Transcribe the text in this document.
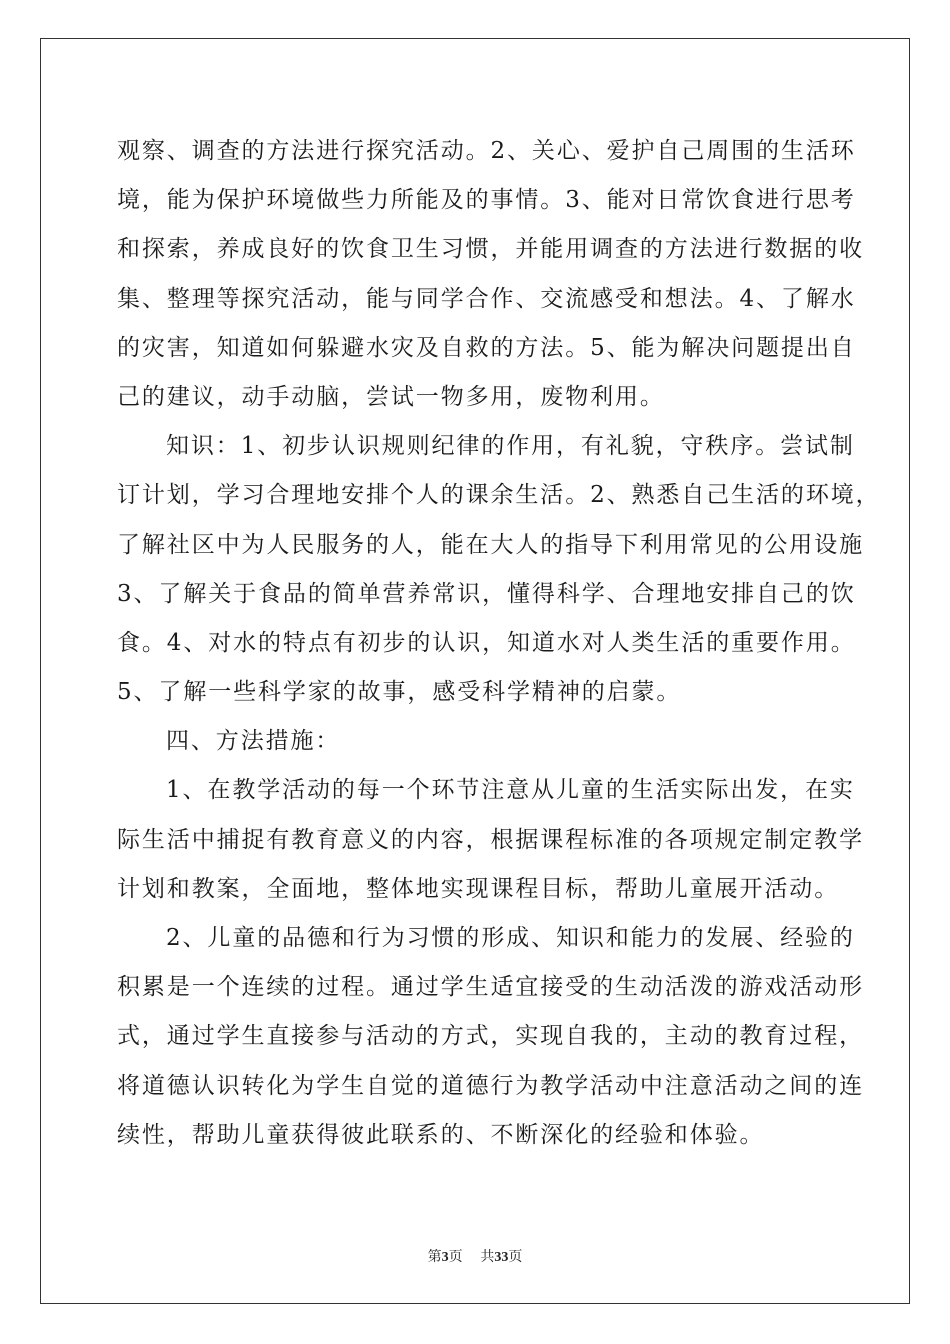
观察、调查的方法进行探究活动。2、关心、爱护自己周围的生活环
境，能为保护环境做些力所能及的事情。3、能对日常饮食进行思考
和探索，养成良好的饮食卫生习惯，并能用调查的方法进行数据的收
集、整理等探究活动，能与同学合作、交流感受和想法。4、了解水
的灾害，知道如何躲避水灾及自救的方法。5、能为解决问题提出自
己的建议，动手动脑，尝试一物多用，废物利用。
知识：1、初步认识规则纪律的作用，有礼貌，守秩序。尝试制
订计划，学习合理地安排个人的课余生活。2、熟悉自己生活的环境，
了解社区中为人民服务的人，能在大人的指导下利用常见的公用设施
3、了解关于食品的简单营养常识，懂得科学、合理地安排自己的饮
食。4、对水的特点有初步的认识，知道水对人类生活的重要作用。
5、了解一些科学家的故事，感受科学精神的启蒙。
四、方法措施：
1、在教学活动的每一个环节注意从儿童的生活实际出发，在实
际生活中捕捉有教育意义的内容，根据课程标准的各项规定制定教学
计划和教案，全面地，整体地实现课程目标，帮助儿童展开活动。
2、儿童的品德和行为习惯的形成、知识和能力的发展、经验的
积累是一个连续的过程。通过学生适宜接受的生动活泼的游戏活动形
式，通过学生直接参与活动的方式，实现自我的，主动的教育过程，
将道德认识转化为学生自觉的道德行为教学活动中注意活动之间的连
续性，帮助儿童获得彼此联系的、不断深化的经验和体验。
第3页 共33页
